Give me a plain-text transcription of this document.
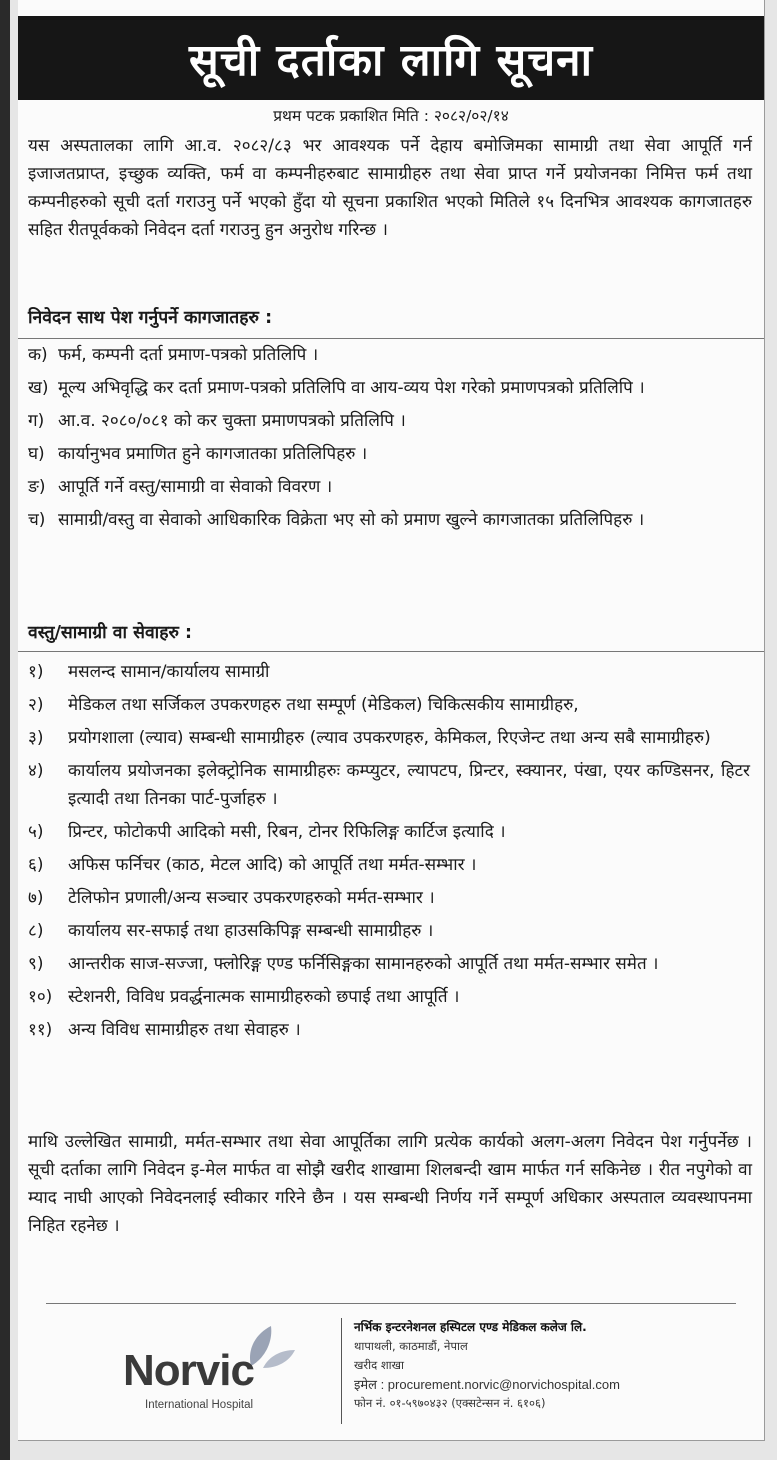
सूची दर्ताका लागि सूचना
प्रथम पटक प्रकाशित मिति : २०८२/०२/१४
यस अस्पतालका लागि आ.व. २०८२/८३ भर आवश्यक पर्ने देहाय बमोजिमका सामाग्री तथा सेवा आपूर्ति गर्न इजाजतप्राप्त, इच्छुक व्यक्ति, फर्म वा कम्पनीहरुबाट सामाग्रीहरु तथा सेवा प्राप्त गर्ने प्रयोजनका निमित्त फर्म तथा कम्पनीहरुको सूची दर्ता गराउनु पर्ने भएको हुँदा यो सूचना प्रकाशित भएको मितिले १५ दिनभित्र आवश्यक कागजातहरु सहित रीतपूर्वकको निवेदन दर्ता गराउनु हुन अनुरोध गरिन्छ ।
निवेदन साथ पेश गर्नुपर्ने कागजातहरु :
क) फर्म, कम्पनी दर्ता प्रमाण-पत्रको प्रतिलिपि ।
ख) मूल्य अभिवृद्धि कर दर्ता प्रमाण-पत्रको प्रतिलिपि वा आय-व्यय पेश गरेको प्रमाणपत्रको प्रतिलिपि ।
ग) आ.व. २०८०/०८१ को कर चुक्ता प्रमाणपत्रको प्रतिलिपि ।
घ) कार्यानुभव प्रमाणित हुने कागजातका प्रतिलिपिहरु ।
ङ) आपूर्ति गर्ने वस्तु/सामाग्री वा सेवाको विवरण ।
च) सामाग्री/वस्तु वा सेवाको आधिकारिक विक्रेता भए सो को प्रमाण खुल्ने कागजातका प्रतिलिपिहरु ।
वस्तु/सामाग्री वा सेवाहरु :
१) मसलन्द सामान/कार्यालय सामाग्री
२) मेडिकल तथा सर्जिकल उपकरणहरु तथा सम्पूर्ण (मेडिकल) चिकित्सकीय सामाग्रीहरु,
३) प्रयोगशाला (ल्याव) सम्बन्धी सामाग्रीहरु (ल्याव उपकरणहरु, केमिकल, रिएजेन्ट तथा अन्य सबै सामाग्रीहरु)
४) कार्यालय प्रयोजनका इलेक्ट्रोनिक सामाग्रीहरुः कम्प्युटर, ल्यापटप, प्रिन्टर, स्क्यानर, पंखा, एयर कण्डिसनर, हिटर इत्यादी तथा तिनका पार्ट-पुर्जाहरु ।
५) प्रिन्टर, फोटोकपी आदिको मसी, रिबन, टोनर रिफिलिङ्ग कार्टिज इत्यादि ।
६) अफिस फर्निचर (काठ, मेटल आदि) को आपूर्ति तथा मर्मत-सम्भार ।
७) टेलिफोन प्रणाली/अन्य सञ्चार उपकरणहरुको मर्मत-सम्भार ।
८) कार्यालय सर-सफाई तथा हाउसकिपिङ्ग सम्बन्धी सामाग्रीहरु ।
९) आन्तरीक साज-सज्जा, फ्लोरिङ्ग एण्ड फर्निसिङ्गका सामानहरुको आपूर्ति तथा मर्मत-सम्भार समेत ।
१०) स्टेशनरी, विविध प्रवर्द्धनात्मक सामाग्रीहरुको छपाई तथा आपूर्ति ।
११) अन्य विविध सामाग्रीहरु तथा सेवाहरु ।
माथि उल्लेखित सामाग्री, मर्मत-सम्भार तथा सेवा आपूर्तिका लागि प्रत्येक कार्यको अलग-अलग निवेदन पेश गर्नुपर्नेछ । सूची दर्ताका लागि निवेदन इ-मेल मार्फत वा सोझै खरीद शाखामा शिलबन्दी खाम मार्फत गर्न सकिनेछ । रीत नपुगेको वा म्याद नाघी आएको निवेदनलाई स्वीकार गरिने छैन । यस सम्बन्धी निर्णय गर्ने सम्पूर्ण अधिकार अस्पताल व्यवस्थापनमा निहित रहनेछ ।
Norvic
International Hospital
नर्भिक इन्टरनेशनल हस्पिटल एण्ड मेडिकल कलेज लि.
थापाथली, काठमाडौं, नेपाल
खरीद शाखा
इमेल : procurement.norvic@norvichospital.com
फोन नं. ०१-५९७०४३२ (एक्सटेन्सन नं. ६१०६)
